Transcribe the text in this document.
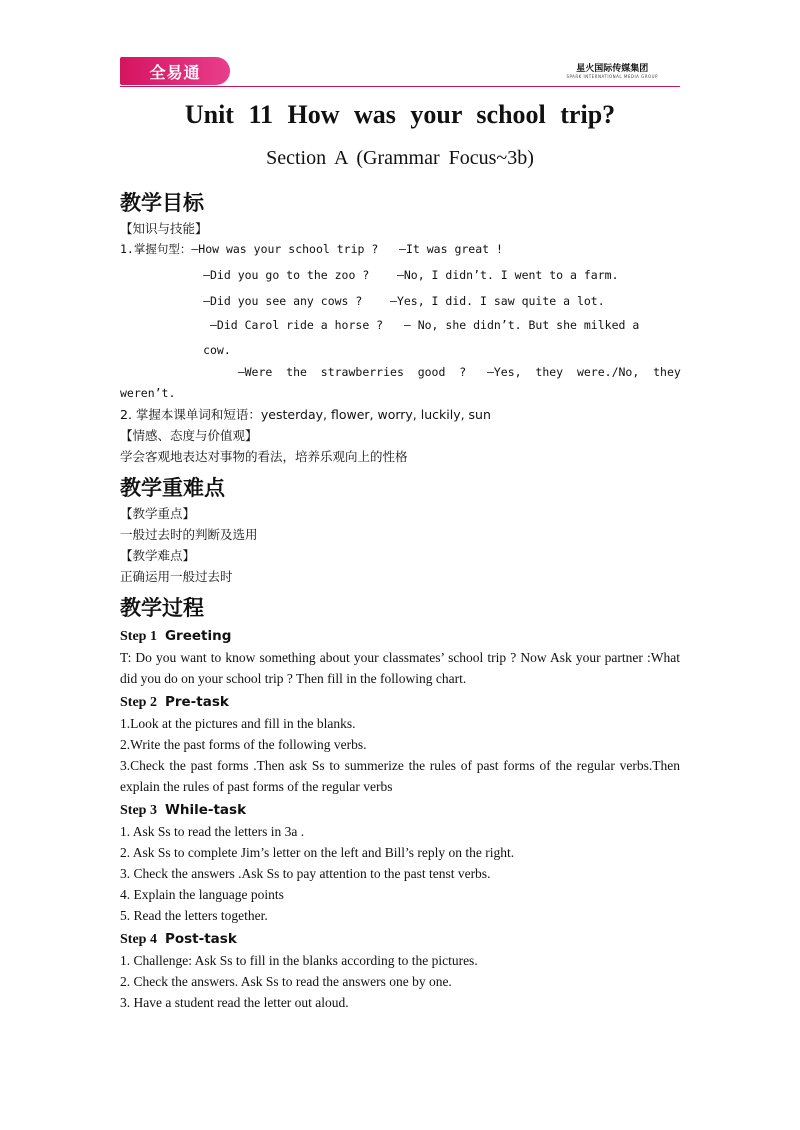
全易通	星火国际传媒集团
SPARK INTERNATIONAL MEDIA GROUP
Unit 11 How was your school trip?
Section A (Grammar Focus~3b)
教学目标
【知识与技能】
1.掌握句型：—How was your school trip ?   —It was great !
—Did you go to the zoo ?    —No, I didn’t. I went to a farm.
—Did you see any cows ?    —Yes, I did. I saw quite a lot.
—Did Carol ride a horse ?   — No, she didn’t. But she milked a
cow.
—Were  the  strawberries  good  ?   —Yes,  they  were./No,  they
weren’t.
2. 掌握本课单词和短语：yesterday, flower, worry, luckily, sun
【情感、态度与价值观】
学会客观地表达对事物的看法，培养乐观向上的性格
教学重难点
【教学重点】
一般过去时的判断及选用
【教学难点】
正确运用一般过去时
教学过程
Step 1 Greeting
T: Do you want to know something about your classmates’ school trip ? Now Ask your partner :What did you do on your school trip ? Then fill in the following chart.
Step 2 Pre-task
1.Look at the pictures and fill in the blanks.
2.Write the past forms of the following verbs.
3.Check the past forms .Then ask Ss to summerize the rules of past forms of the regular verbs.Then explain the rules of past forms of the regular verbs
Step 3 While-task
1. Ask Ss to read the letters in 3a .
2. Ask Ss to complete Jim’s letter on the left and Bill’s reply on the right.
3. Check the answers .Ask Ss to pay attention to the past tenst verbs.
4. Explain the language points
5. Read the letters together.
Step 4 Post-task
1. Challenge: Ask Ss to fill in the blanks according to the pictures.
2. Check the answers. Ask Ss to read the answers one by one.
3. Have a student read the letter out aloud.
